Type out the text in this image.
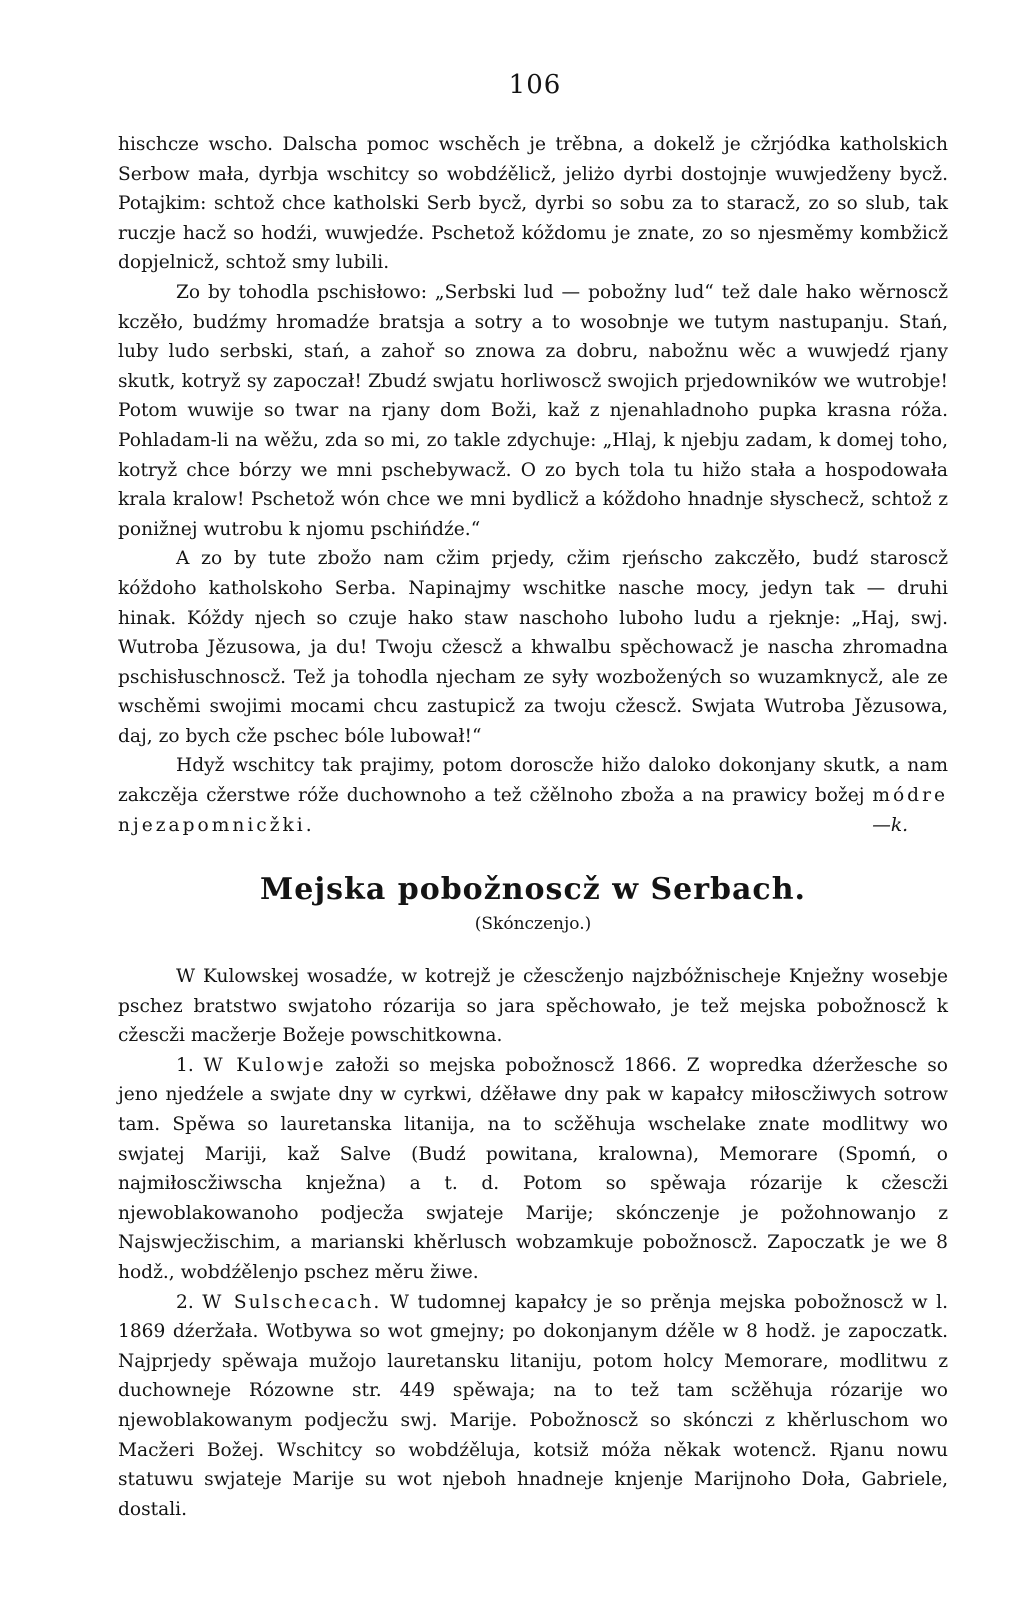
106

hischcze wscho. Dalscha pomoc wschěch je trěbna, a dokelž je cžrjódka katholskich Serbow mała, dyrbja wschitcy so wobdźělicž, jeliżo dyrbi dostojnje wuwjedženy bycž. Potajkim: schtož chce katholski Serb bycž, dyrbi so sobu za to staracž, zo so slub, tak ruczje hacž so hodźi, wuwjedźe. Pschetož kóždomu je znate, zo so njesměmy kombžicž dopjelnicž, schtož smy lubili.

Zo by tohodla pschisłowo: „Serbski lud — pobožny lud“ tež dale hako wěrnoscž kczěło, budźmy hromadźe bratsja a sotry a to wosobnje we tutym nastupanju. Stań, luby ludo serbski, stań, a zahoř so znowa za dobru, nabožnu wěc a wuwjedź rjany skutk, kotryž sy zapoczał! Zbudź swjatu horliwoscž swojich prjedowników we wutrobje! Potom wuwije so twar na rjany dom Boži, kaž z njenahladnoho pupka krasna róža. Pohladam-li na wěžu, zda so mi, zo takle zdychuje: „Hlaj, k njebju zadam, k domej toho, kotryž chce bórzy we mni pschebywacž. O zo bych tola tu hižo stała a hospodowała krala kralow! Pschetož wón chce we mni bydlicž a kóždoho hnadnje słyschecž, schtož z ponižnej wutrobu k njomu pschińdźe.“

A zo by tute zbožo nam cžim prjedy, cžim rjeńscho zakczěło, budź staroscž kóždoho katholskoho Serba. Napinajmy wschitke nasche mocy, jedyn tak — druhi hinak. Kóždy njech so czuje hako staw naschoho luboho ludu a rjeknje: „Haj, swj. Wutroba Jězusowa, ja du! Twoju cžescž a khwalbu spěchowacž je nascha zhromadna pschisłuschnoscž. Tež ja tohodla njecham ze syły wozbožených so wuzamknycž, ale ze wschěmi swojimi mocami chcu zastupicž za twoju cžescž. Swjata Wutroba Jězusowa, daj, zo bych cže pschec bóle lubował!“

Hdyž wschitcy tak prajimy, potom doroscže hižo daloko dokonjany skutk, a nam zakczěja cžerstwe róže duchownoho a tež cžělnoho zboža a na prawicy božej módre njezapomnicžki.	—k.

Mejska pobožnoscž w Serbach.
(Skónczenjo.)

W Kulowskej wosadźe, w kotrejž je cžescženjo najzbóžnischeje Knježny wosebje pschez bratstwo swjatoho rózarija so jara spěchowało, je tež mejska pobožnoscž k cžescži macžerje Božeje powschitkowna.

1. W Kulowje załoži so mejska pobožnoscž 1866. Z wopredka dźeržesche so jeno njedźele a swjate dny w cyrkwi, dźěławe dny pak w kapałcy miłoscžiwych sotrow tam. Spěwa so lauretanska litanija, na to scžěhuja wschelake znate modlitwy wo swjatej Mariji, kaž Salve (Budź powitana, kralowna), Memorare (Spomń, o najmiłoscžiwscha knježna) a t. d. Potom so spěwaja rózarije k cžescži njewoblakowanoho podjecža swjateje Marije; skónczenje je požohnowanjo z Najswjecžischim, a marianski khěrlusch wobzamkuje pobožnoscž. Zapoczatk je we 8 hodž., wobdźělenjo pschez měru žiwe.

2. W Sulschecach. W tudomnej kapałcy je so prěnja mejska pobožnoscž w l. 1869 dźeržała. Wotbywa so wot gmejny; po dokonjanym dźěle w 8 hodž. je zapoczatk. Najprjedy spěwaja mužojo lauretansku litaniju, potom holcy Memorare, modlitwu z duchowneje Rózowne str. 449 spěwaja; na to tež tam scžěhuja rózarije wo njewoblakowanym podjecžu swj. Marije. Pobožnoscž so skónczi z khěrluschom wo Macžeri Božej. Wschitcy so wobdźěluja, kotsiž móža někak wotencž. Rjanu nowu statuwu swjateje Marije su wot njeboh hnadneje knjenje Marijnoho Doła, Gabriele, dostali.
